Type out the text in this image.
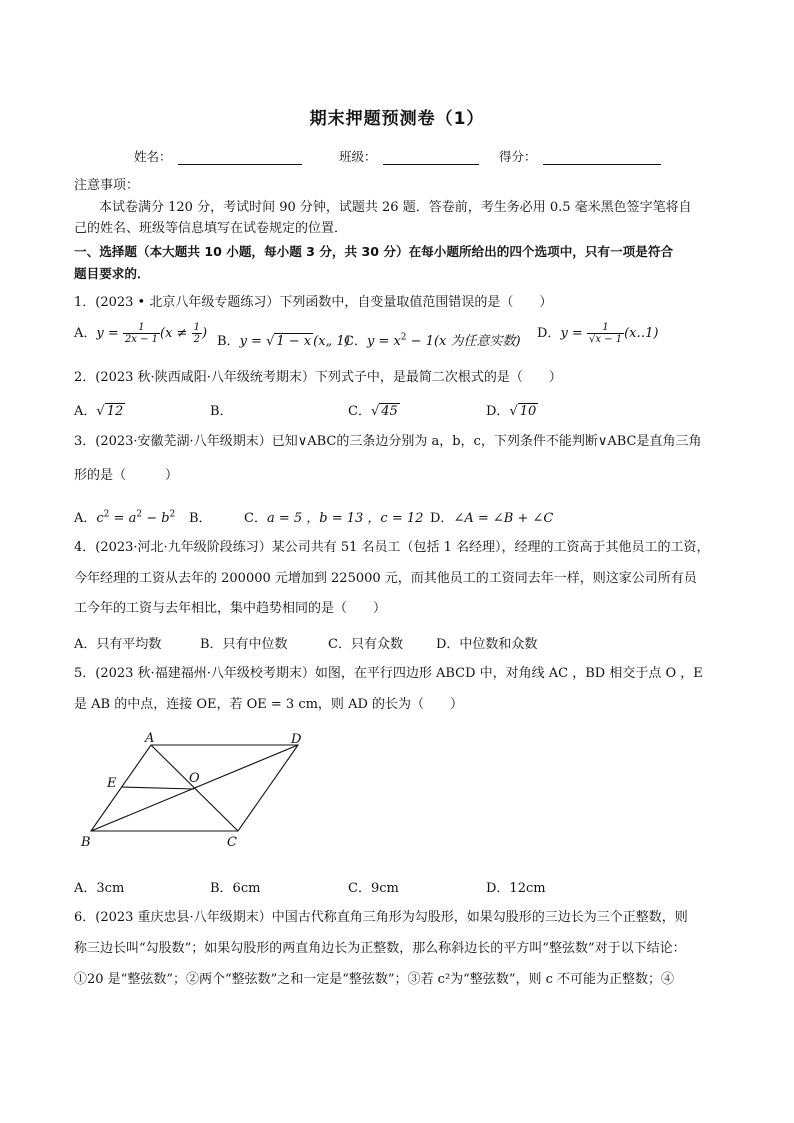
期末押题预测卷（1）
姓名：	班级：	得分：
注意事项：
本试卷满分 120 分，考试时间 90 分钟，试题共 26 题．答卷前，考生务必用 0.5 毫米黑色签字笔将自
己的姓名、班级等信息填写在试卷规定的位置．
一、选择题（本大题共 10 小题，每小题 3 分，共 30 分）在每小题所给出的四个选项中，只有一项是符合
题目要求的．
1．(2023 • 北京八年级专题练习）下列函数中，自变量取值范围错误的是（　　）
A．$y = \frac{1}{2x - 1} (x \ne \frac{1}{2}$ )
B．y = √ 1 − x (x„ 1)
C．$y = x^2 - 1(x$ 为任意实数)
D．$y = \frac{1}{√x - 1}$ (x‥1)
2．(2023 秋·陕西咸阳·八年级统考期末）下列式子中，是最简二次根式的是（　　）
A．√ 12	B．	C．√ 45	D．√ 10
3．(2023·安徽芜湖·八年级期末）已知∨ABC的三条边分别为 a，b，c，下列条件不能判断∨ABC是直角三角
形的是（　　　）
A．$c^2 = a^2 - b^2$ B． C．a = 5 ，b = 13 ，c = 12 D．∠A = ∠B + ∠C
4．(2023·河北·九年级阶段练习）某公司共有 51 名员工（包括 1 名经理），经理的工资高于其他员工的工资，
今年经理的工资从去年的 200000 元增加到 225000 元，而其他员工的工资同去年一样，则这家公司所有员
工今年的工资与去年相比，集中趋势相同的是（　　）
A．只有平均数	B．只有中位数	C．只有众数	D．中位数和众数
5．(2023 秋·福建福州·八年级校考期末）如图，在平行四边形 ABCD 中，对角线 AC ，BD 相交于点 O ，E
是 AB 的中点，连接 OE，若 OE = 3 cm，则 AD 的长为（　　）
A	D
O
E
B	C
A．3cm	B．6cm	C．9cm	D．12cm
6．(2023 重庆忠县·八年级期末）中国古代称直角三角形为勾股形，如果勾股形的三边长为三个正整数，则
称三边长叫“勾股数”；如果勾股形的两直角边长为正整数，那么称斜边长的平方叫“整弦数”对于以下结论：
①20 是“整弦数”；②两个“整弦数”之和一定是“整弦数”；③若 c²为“整弦数”，则 c 不可能为正整数；④
